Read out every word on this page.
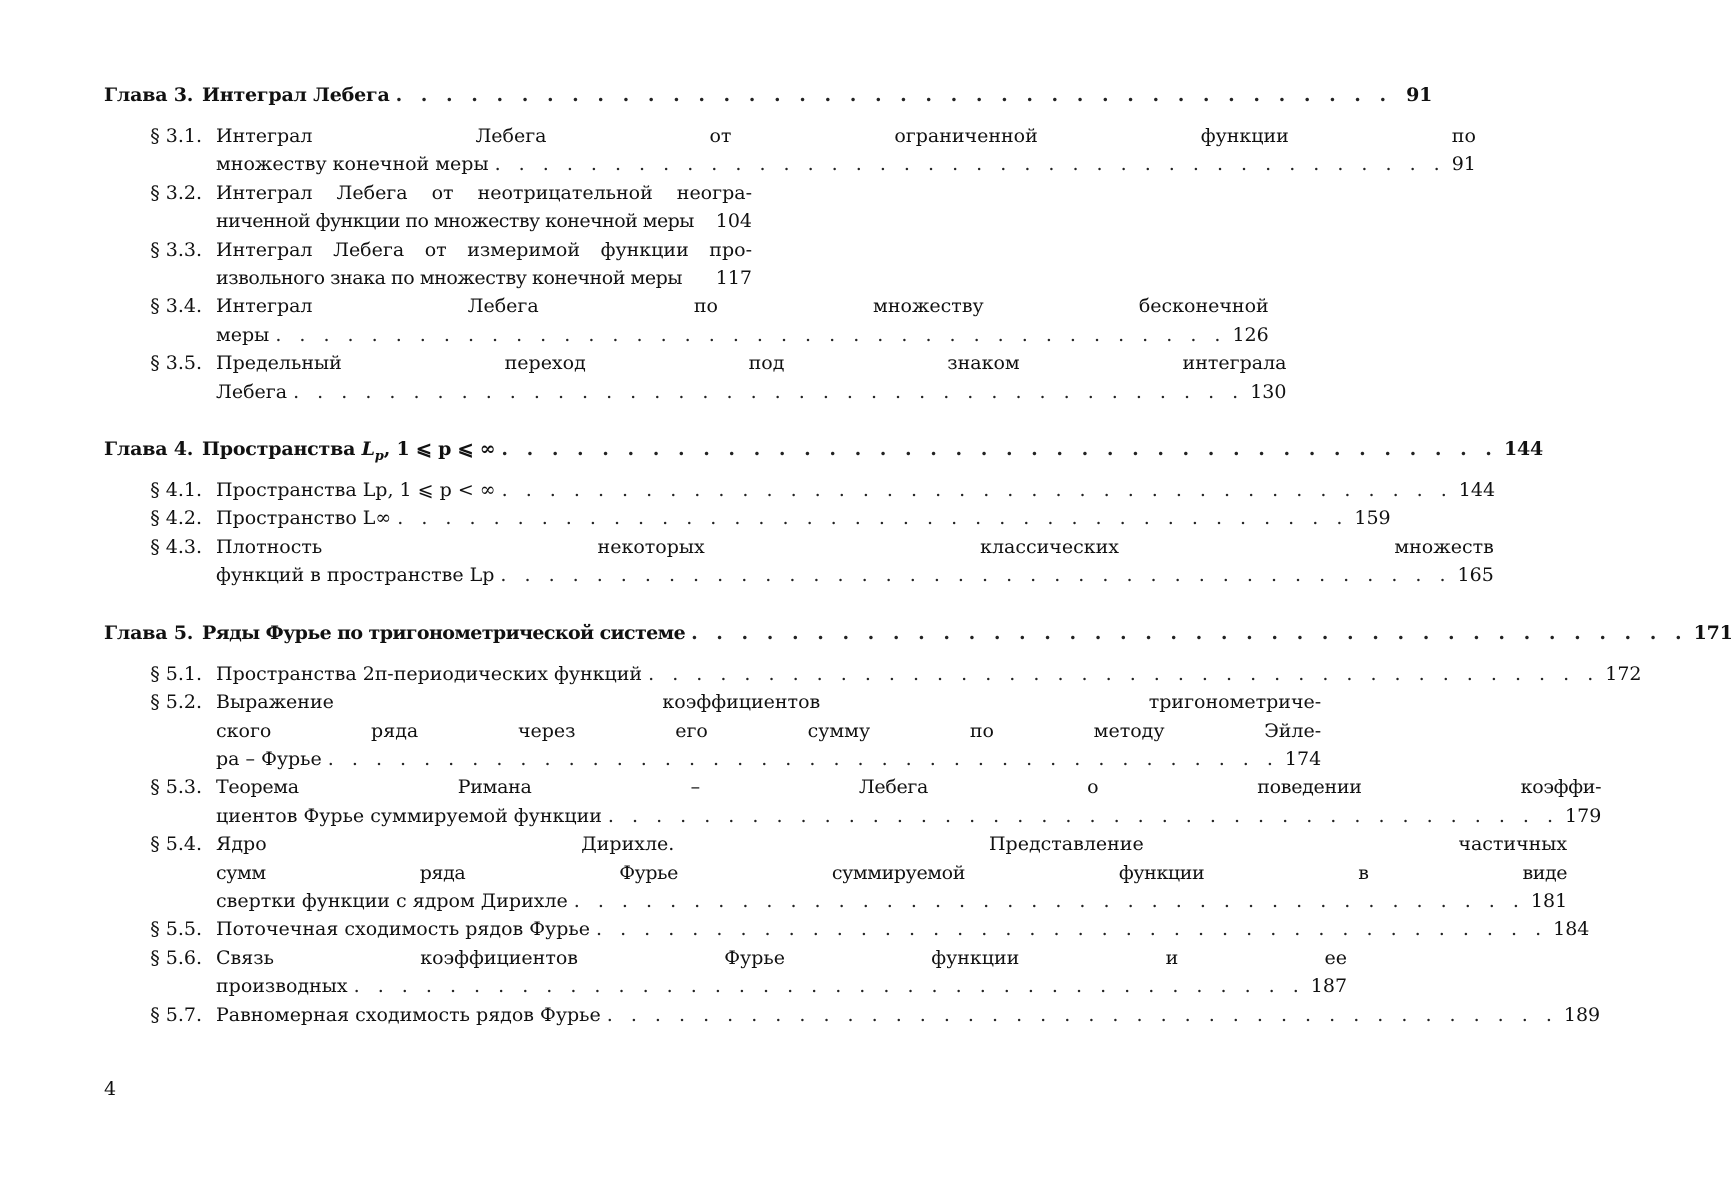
Глава 3. Интеграл Лебега . . . . . . . . . . . . . . . . . . . . . . . . . . . . . . . . . . . . . . . . 91
§ 3.1. Интеграл Лебега от ограниченной функции по
множеству конечной меры . . . . . . . . . . . . . . . . . . . . . . . . . . . . . . . . . . . . . . . . 91
§ 3.2. Интеграл Лебега от неотрицательной неогра-
ниченной функции по множеству конечной меры	104
§ 3.3. Интеграл Лебега от измеримой функции про-
извольного знака по множеству конечной меры	117
§ 3.4. Интеграл Лебега по множеству бесконечной
меры . . . . . . . . . . . . . . . . . . . . . . . . . . . . . . . . . . . . . . . . 126
§ 3.5. Предельный переход под знаком интеграла
Лебега . . . . . . . . . . . . . . . . . . . . . . . . . . . . . . . . . . . . . . . . 130
Глава 4. Пространства $L_p$, 1 ⩽ p ⩽ ∞ . . . . . . . . . . . . . . . . . . . . . . . . . . . . . . . . . . . . . . . . 144
§ 4.1. Пространства Lp, 1 ⩽ p < ∞ . . . . . . . . . . . . . . . . . . . . . . . . . . . . . . . . . . . . . . . . 144
§ 4.2. Пространство L∞ . . . . . . . . . . . . . . . . . . . . . . . . . . . . . . . . . . . . . . . . 159
§ 4.3. Плотность некоторых классических множеств
функций в пространстве Lp . . . . . . . . . . . . . . . . . . . . . . . . . . . . . . . . . . . . . . . . 165
Глава 5. Ряды Фурье по тригонометрической системе . . . . . . . . . . . . . . . . . . . . . . . . . . . . . . . . . . . . . . . . 171
§ 5.1. Пространства 2π-периодических функций . . . . . . . . . . . . . . . . . . . . . . . . . . . . . . . . . . . . . . . . 172
§ 5.2. Выражение коэффициентов тригонометриче-
ского ряда через его сумму по методу Эйле-
ра – Фурье . . . . . . . . . . . . . . . . . . . . . . . . . . . . . . . . . . . . . . . . 174
§ 5.3. Теорема Римана – Лебега о поведении коэффи-
циентов Фурье суммируемой функции . . . . . . . . . . . . . . . . . . . . . . . . . . . . . . . . . . . . . . . . 179
§ 5.4. Ядро Дирихле. Представление частичных
сумм ряда Фурье суммируемой функции в виде
свертки функции с ядром Дирихле . . . . . . . . . . . . . . . . . . . . . . . . . . . . . . . . . . . . . . . . 181
§ 5.5. Поточечная сходимость рядов Фурье . . . . . . . . . . . . . . . . . . . . . . . . . . . . . . . . . . . . . . . . 184
§ 5.6. Связь коэффициентов Фурье функции и ее
производных . . . . . . . . . . . . . . . . . . . . . . . . . . . . . . . . . . . . . . . . 187
§ 5.7. Равномерная сходимость рядов Фурье . . . . . . . . . . . . . . . . . . . . . . . . . . . . . . . . . . . . . . . . 189
4
